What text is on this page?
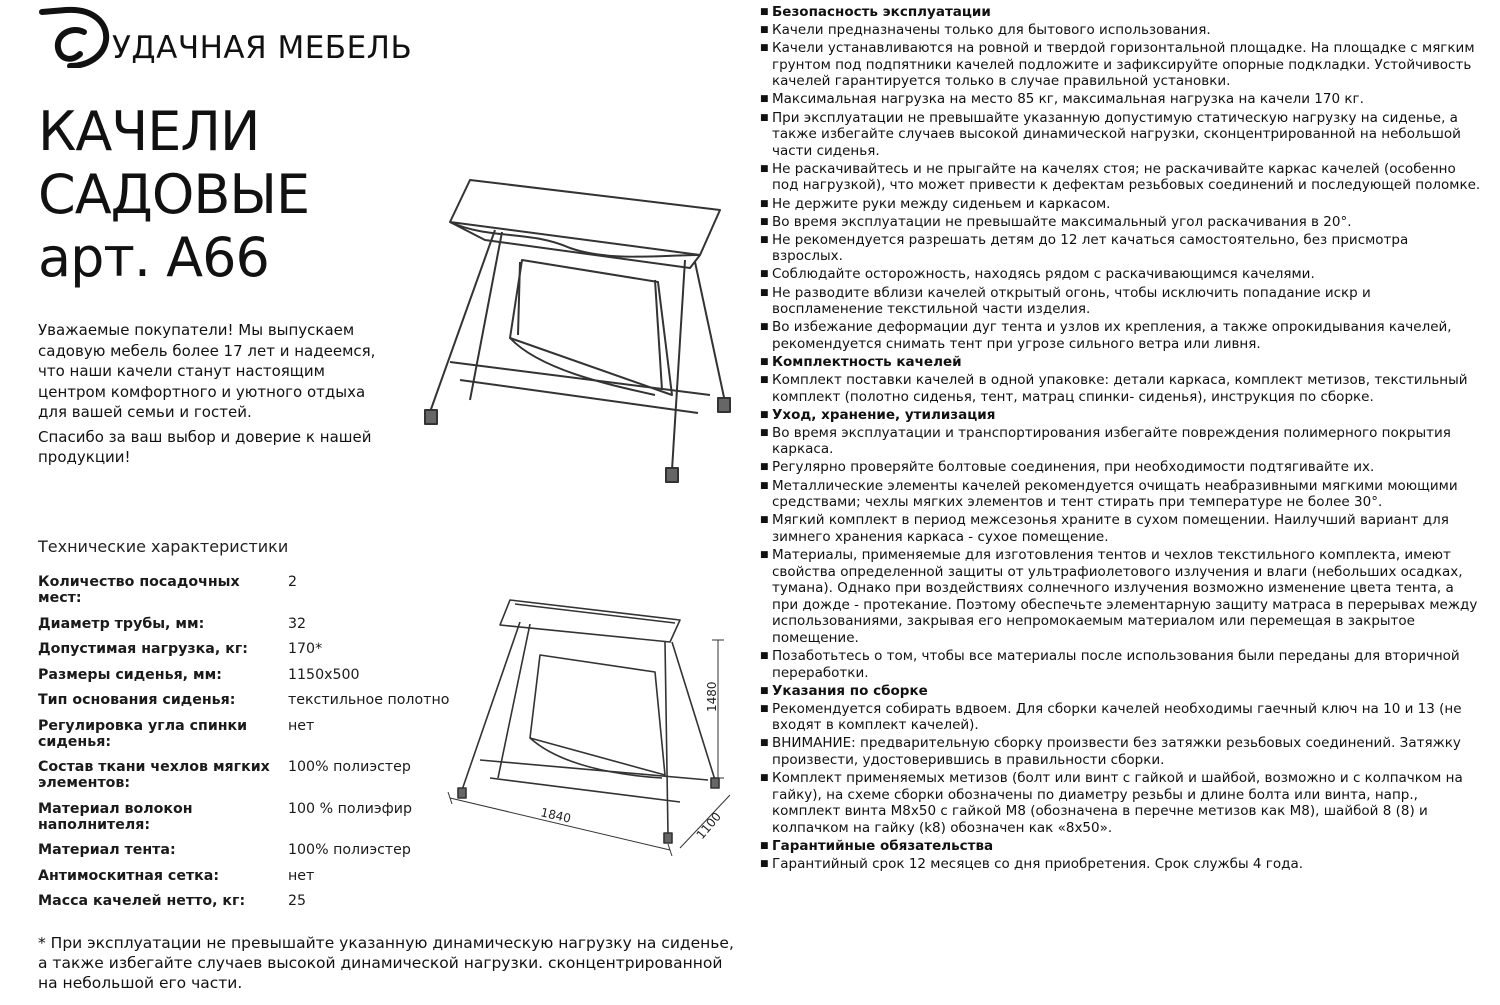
УДАЧНАЯ МЕБЕЛЬ
КАЧЕЛИ
САДОВЫЕ
арт. А66

Уважаемые покупатели! Мы выпускаем садовую мебель более 17 лет и надеемся, что наши качели станут настоящим центром комфортного и уютного отдыха для вашей семьи и гостей.

Спасибо за ваш выбор и доверие к нашей продукции!

Технические характеристики
Количество посадочных мест:
2
Диаметр трубы, мм:	32
Допустимая нагрузка, кг:	170*
Размеры сиденья, мм:	1150x500
Тип основания сиденья:	текстильное полотно
Регулировка угла спинки сиденья:
нет
Состав ткани чехлов мягких элементов:
100% полиэстер
Материал волокон наполнителя:
100 % полиэфир
Материал тента:	100% полиэстер
Антимоскитная сетка:	нет
Масса качелей нетто, кг:	25
1480
1840	1100
* При эксплуатации не превышайте указанную динамическую нагрузку на сиденье, а также избегайте случаев высокой динамической нагрузки. сконцентрированной на небольшой его части.
■ Безопасность эксплуатации
■ Качели предназначены только для бытового использования.
■ Качели устанавливаются на ровной и твердой горизонтальной площадке. На площадке с мягким грунтом под подпятники качелей подложите и зафиксируйте опорные подкладки. Устойчивость качелей гарантируется только в случае правильной установки.
■ Максимальная нагрузка на место 85 кг, максимальная нагрузка на качели 170 кг.
■ При эксплуатации не превышайте указанную допустимую статическую нагрузку на сиденье, а также избегайте случаев высокой динамической нагрузки, сконцентрированной на небольшой части сиденья.
■ Не раскачивайтесь и не прыгайте на качелях стоя; не раскачивайте каркас качелей (особенно под нагрузкой), что может привести к дефектам резьбовых соединений и последующей поломке.
■ Не держите руки между сиденьем и каркасом.
■ Во время эксплуатации не превышайте максимальный угол раскачивания в 20°.
■ Не рекомендуется разрешать детям до 12 лет качаться самостоятельно, без присмотра взрослых.
■ Соблюдайте осторожность, находясь рядом с раскачивающимся качелями.
■ Не разводите вблизи качелей открытый огонь, чтобы исключить попадание искр и воспламенение текстильной части изделия.
■ Во избежание деформации дуг тента и узлов их крепления, а также опрокидывания качелей, рекомендуется снимать тент при угрозе сильного ветра или ливня.
■ Комплектность качелей
■ Комплект поставки качелей в одной упаковке: детали каркаса, комплект метизов, текстильный комплект (полотно сиденья, тент, матрац спинки- сиденья), инструкция по сборке.
■ Уход, хранение, утилизация
■ Во время эксплуатации и транспортирования избегайте повреждения полимерного покрытия каркаса.
■ Регулярно проверяйте болтовые соединения, при необходимости подтягивайте их.
■ Металлические элементы качелей рекомендуется очищать неабразивными мягкими моющими средствами; чехлы мягких элементов и тент стирать при температуре не более 30°.
■ Мягкий комплект в период межсезонья храните в сухом помещении. Наилучший вариант для зимнего хранения каркаса - сухое помещение.
■ Материалы, применяемые для изготовления тентов и чехлов текстильного комплекта, имеют свойства определенной защиты от ультрафиолетового излучения и влаги (небольших осадках, тумана). Однако при воздействиях солнечного излучения возможно изменение цвета тента, а при дожде - протекание. Поэтому обеспечьте элементарную защиту матраса в перерывах между использованиями, закрывая его непромокаемым материалом или перемещая в закрытое помещение.
■ Позаботьтесь о том, чтобы все материалы после использования были переданы для вторичной переработки.
■ Указания по сборке
■ Рекомендуется собирать вдвоем. Для сборки качелей необходимы гаечный ключ на 10 и 13 (не входят в комплект качелей).
■ ВНИМАНИЕ: предварительную сборку произвести без затяжки резьбовых соединений. Затяжку произвести, удостоверившись в правильности сборки.
■ Комплект применяемых метизов (болт или винт с гайкой и шайбой, возможно и с колпачком на гайку), на схеме сборки обозначены по диаметру резьбы и длине болта или винта, напр., комплект винта М8x50 с гайкой М8 (обозначена в перечне метизов как М8), шайбой 8 (8) и колпачком на гайку (k8) обозначен как «8x50».
■ Гарантийные обязательства
■ Гарантийный срок 12 месяцев со дня приобретения. Срок службы 4 года.
